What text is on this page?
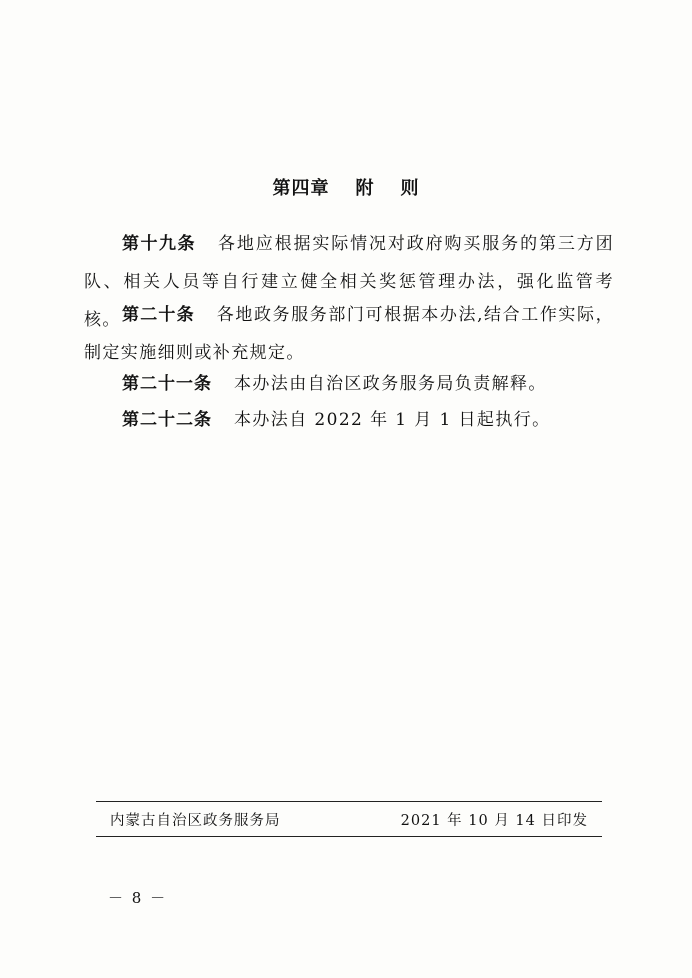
第四章 附 则

第十九条 各地应根据实际情况对政府购买服务的第三方团队、相关人员等自行建立健全相关奖惩管理办法，强化监管考核。 第二十条 各地政务服务部门可根据本办法,结合工作实际，制定实施细则或补充规定。

第二十一条 本办法由自治区政务服务局负责解释。

第二十二条 本办法自 2022 年 1 月 1 日起执行。

内蒙古自治区政务服务局	2021 年 10 月 14 日印发
－ 8 －
